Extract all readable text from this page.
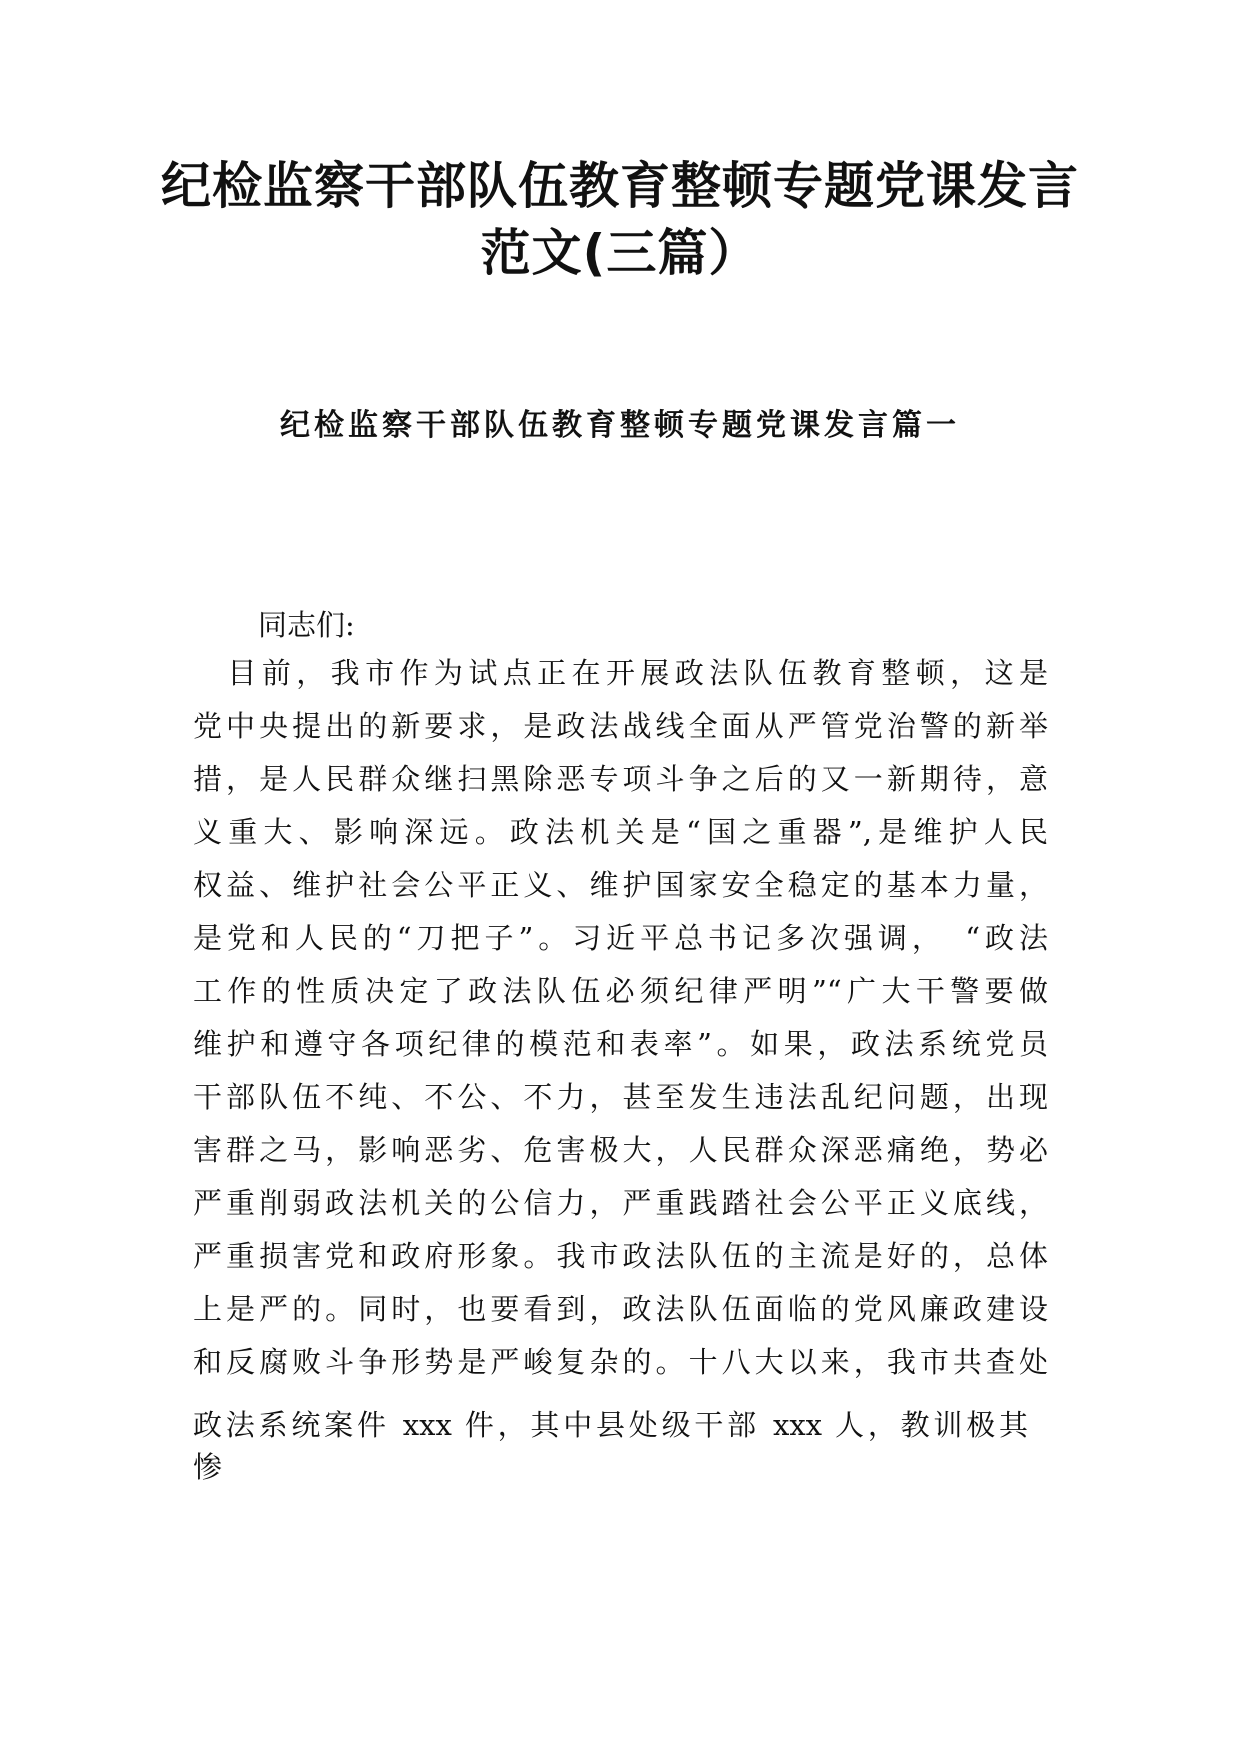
纪检监察干部队伍教育整顿专题党课发言
范文(三篇）
纪检监察干部队伍教育整顿专题党课发言篇一
同志们:
　目前，我市作为试点正在开展政法队伍教育整顿，这是
党中央提出的新要求，是政法战线全面从严管党治警的新举
措，是人民群众继扫黑除恶专项斗争之后的又一新期待，意
义重大、影响深远。政法机关是“国之重器”,是维护人民
权益、维护社会公平正义、维护国家安全稳定的基本力量，
是党和人民的“刀把子”。习近平总书记多次强调，　“政法
工作的性质决定了政法队伍必须纪律严明”“广大干警要做
维护和遵守各项纪律的模范和表率”。如果，政法系统党员
干部队伍不纯、不公、不力，甚至发生违法乱纪问题，出现
害群之马，影响恶劣、危害极大，人民群众深恶痛绝，势必
严重削弱政法机关的公信力，严重践踏社会公平正义底线，
严重损害党和政府形象。我市政法队伍的主流是好的，总体
上是严的。同时，也要看到，政法队伍面临的党风廉政建设
和反腐败斗争形势是严峻复杂的。十八大以来，我市共查处
政法系统案件 xxx 件，其中县处级干部 xxx 人，教训极其
惨
